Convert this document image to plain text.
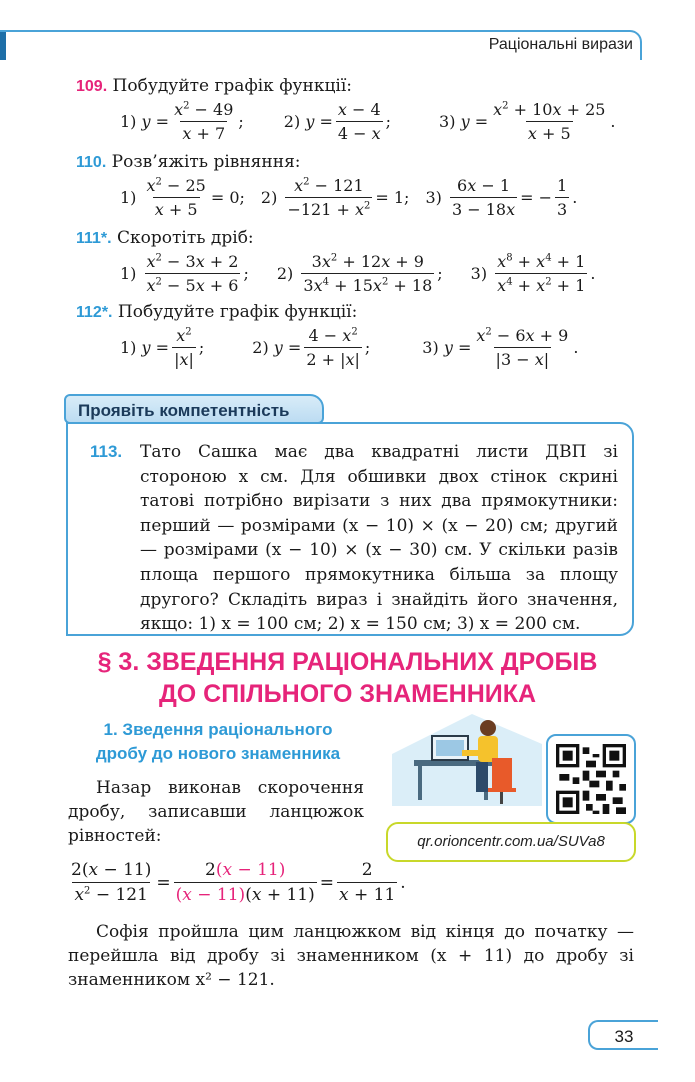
Раціональні вирази
109. Побудуйте графік функції:
1) $y = \frac{x^2 - 49}{x + 7}$ ;	2) $y = \frac{x - 4}{4 - x}$ ;	3) $y = \frac{x^2 + 10x + 25}{x + 5}$ .
110. Розв’яжіть рівняння:
$1) \frac{x^2 - 25}{x + 5} = 0$; $2) \frac{x^2 - 121}{-121 + x^2} = 1$; $3) \frac{6x - 1}{3 - 18x}$ = − $\frac{1}{3}$ .
111*. Скоротіть дріб:
$1) \frac{x^2 - 3x + 2}{x^2 - 5x + 6}$ ; $2) \frac{3x^2 + 12x + 9}{3x^4 + 15x^2 + 18}$ ; $3) \frac{x^8 + x^4 + 1}{x^4 + x^2 + 1}$ .
112*. Побудуйте графік функції:
1) $y = \frac{x^2}{|x|}$ ;	2) $y = \frac{4 - x^2}{2 + |x|}$ ;	3) $y = \frac{x^2 - 6x + 9}{|3 - x|}$ .
Проявіть компетентність
113. Тато Сашка має два квадратні листи ДВП зі стороною x см. Для обшивки двох стінок скрині татові потрібно вирізати з них два прямокутники: перший — розмірами (x − 10) × (x − 20) см; другий — розмірами (x − 10) × (x − 30) см. У скільки разів площа першого прямокутника більша за площу другого? Складіть вираз і знайдіть його значення, якщо: 1) x = 100 см; 2) x = 150 см; 3) x = 200 см.
§ 3. ЗВЕДЕННЯ РАЦІОНАЛЬНИХ ДРОБІВ
ДО СПІЛЬНОГО ЗНАМЕННИКА
1. Зведення раціонального
дробу до нового знаменника
Назар виконав скорочення дробу, записавши ланцюжок рівностей:	qr.orioncentr.com.ua/SUVa8
$\frac{2(x - 11)}{x^2 - 121} = \frac{2(x - 11)}{(x - 11)(x + 11)} = \frac{2}{x + 11}$ .
Софія пройшла цим ланцюжком від кінця до початку — перейшла від дробу зі знаменником (x + 11) до дробу зі знаменником x² − 121.
33
